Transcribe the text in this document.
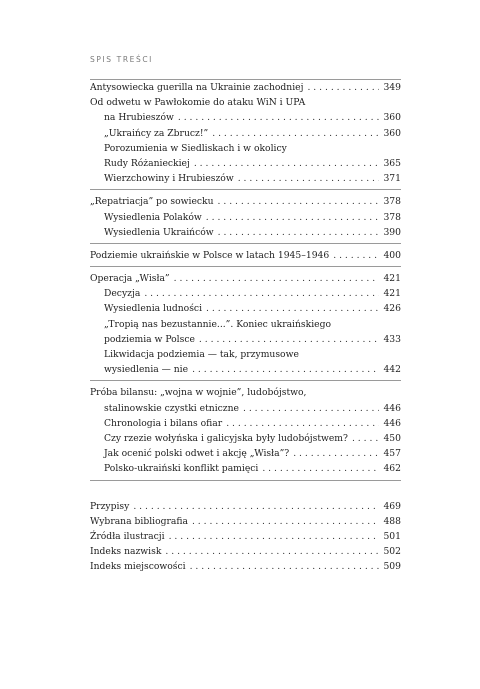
SPIS TREŚCI
Antysowiecka guerilla na Ukrainie zachodniej . . .	349
Od odwetu w Pawłokomie do ataku WiN i UPA
na Hrubieszów . . .	360
„Ukraińcy za Zbrucz!” . . .	360
Porozumienia w Siedliskach i w okolicy
Rudy Różanieckiej . . .	365
Wierzchowiny i Hrubieszów . . .	371
„Repatriacja” po sowiecku . . .	378
Wysiedlenia Polaków . . .	378
Wysiedlenia Ukraińców . . .	390
Podziemie ukraińskie w Polsce w latach 1945–1946 . . .	400
Operacja „Wisła” . . .	421
Decyzja . . .	421
Wysiedlenia ludności . . .	426
„Tropią nas bezustannie...”. Koniec ukraińskiego
podziemia w Polsce . . .	433
Likwidacja podziemia — tak, przymusowe
wysiedlenia — nie . . .	442
Próba bilansu: „wojna w wojnie”, ludobójstwo,
stalinowskie czystki etniczne . . .	446
Chronologia i bilans ofiar . . .	446
Czy rzezie wołyńska i galicyjska były ludobójstwem? . . .	450
Jak ocenić polski odwet i akcję „Wisła”? . . .	457
Polsko-ukraiński konflikt pamięci . . .	462
Przypisy . . .	469
Wybrana bibliografia . . .	488
Źródła ilustracji . . .	501
Indeks nazwisk . . .	502
Indeks miejscowości . . .	509
